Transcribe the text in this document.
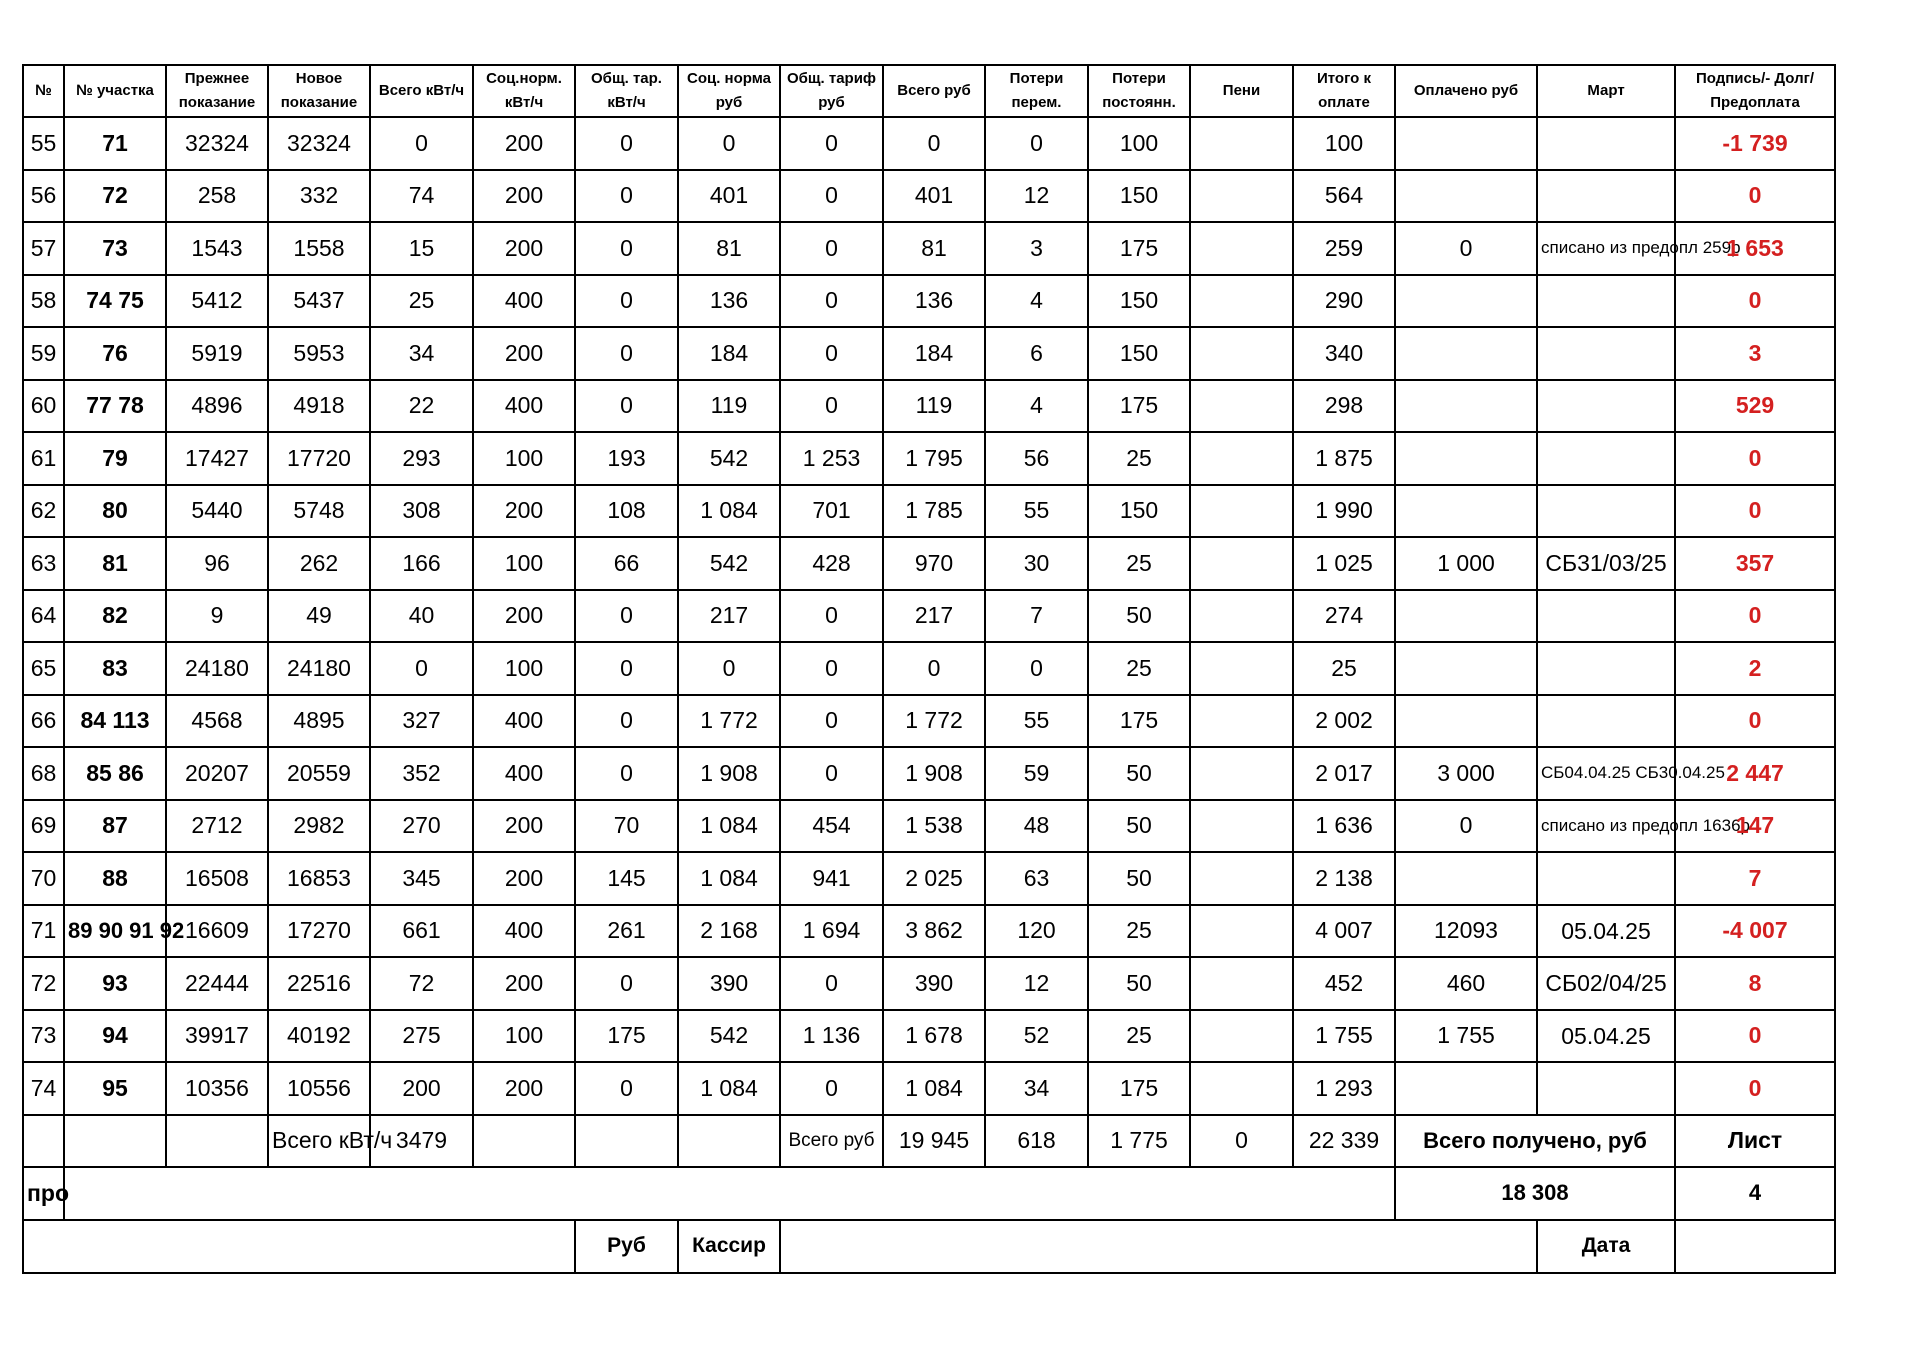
№	№ участка	Прежнее показание	Новое показание	Всего кВт/ч	Соц.норм. кВт/ч	Общ. тар. кВт/ч	Соц. норма руб	Общ. тариф руб	Всего руб	Потери перем.	Потери постоянн.	Пени	Итого к оплате	Оплачено руб	Март	Подпись/- Долг/Предоплата
55	71	32324	32324	0	200	0	0	0	0	0	100		100			-1 739
56	72	258	332	74	200	0	401	0	401	12	150		564			0
57	73	1543	1558	15	200	0	81	0	81	3	175		259	0	списано из предопл 259р	1 653
58	74 75	5412	5437	25	400	0	136	0	136	4	150		290			0
59	76	5919	5953	34	200	0	184	0	184	6	150		340			3
60	77 78	4896	4918	22	400	0	119	0	119	4	175		298			529
61	79	17427	17720	293	100	193	542	1 253	1 795	56	25		1 875			0
62	80	5440	5748	308	200	108	1 084	701	1 785	55	150		1 990			0
63	81	96	262	166	100	66	542	428	970	30	25		1 025	1 000	СБ31/03/25	357
64	82	9	49	40	200	0	217	0	217	7	50		274			0
65	83	24180	24180	0	100	0	0	0	0	0	25		25			2
66	84 113	4568	4895	327	400	0	1 772	0	1 772	55	175		2 002			0
68	85 86	20207	20559	352	400	0	1 908	0	1 908	59	50		2 017	3 000	СБ04.04.25 СБ30.04.25	2 447
69	87	2712	2982	270	200	70	1 084	454	1 538	48	50		1 636	0	списано из предопл 1636р	147
70	88	16508	16853	345	200	145	1 084	941	2 025	63	50		2 138			7
71	89 90 91 92	16609	17270	661	400	261	2 168	1 694	3 862	120	25		4 007	12093	05.04.25	-4 007
72	93	22444	22516	72	200	0	390	0	390	12	50		452	460	СБ02/04/25	8
73	94	39917	40192	275	100	175	542	1 136	1 678	52	25		1 755	1 755	05.04.25	0
74	95	10356	10556	200	200	0	1 084	0	1 084	34	175		1 293			0
			Всего кВт/ч	3479				Всего руб	19 945	618	1 775	0	22 339	Всего получено, руб		Лист
про														18 308		4
						Руб	Кассир								Дата	
